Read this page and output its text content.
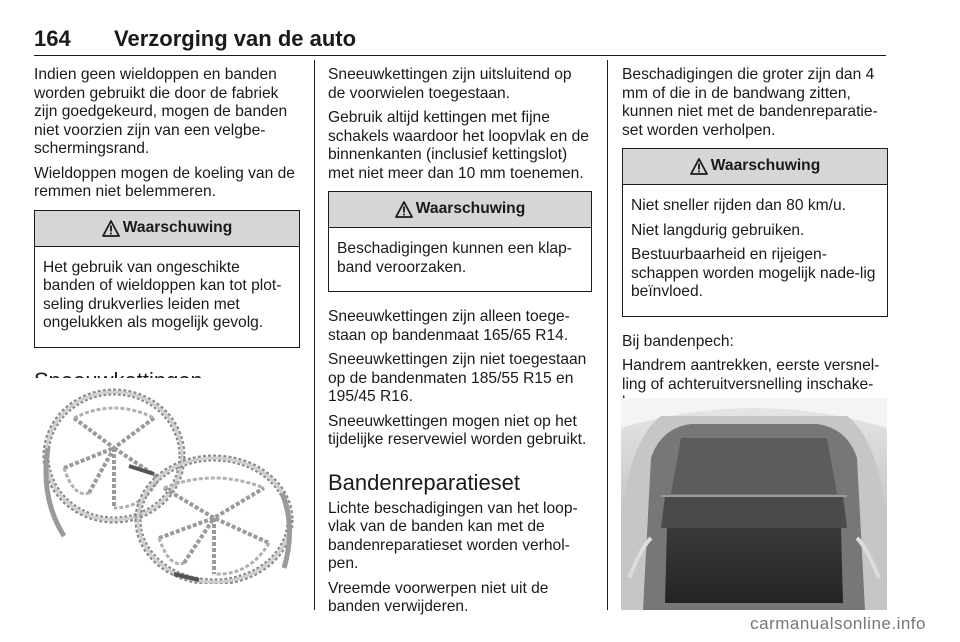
164 Verzorging van de auto

Indien geen wieldoppen en banden worden gebruikt die door de fabriek zijn goedgekeurd, mogen de banden niet voorzien zijn van een velgbe-schermingsrand.

Wieldoppen mogen de koeling van de remmen niet belemmeren.

Waarschuwing

Het gebruik van ongeschikte banden of wieldoppen kan tot plot-seling drukverlies leiden met ongelukken als mogelijk gevolg.

Sneeuwkettingen zijn uitsluitend op de voorwielen toegestaan.

Gebruik altijd kettingen met fijne schakels waardoor het loopvlak en de binnenkanten (inclusief kettingslot) met niet meer dan 10 mm toenemen.

Waarschuwing

Beschadigingen kunnen een klap-band veroorzaken.

Sneeuwkettingen zijn alleen toege-staan op bandenmaat 165/65 R14.

Sneeuwkettingen zijn niet toegestaan op de bandenmaten 185/55 R15 en 195/45 R16.

Sneeuwkettingen mogen niet op het tijdelijke reservewiel worden gebruikt.

Bandenreparatieset

Lichte beschadigingen van het loop-vlak van de banden kan met de bandenreparatieset worden verhol-pen.

Vreemde voorwerpen niet uit de banden verwijderen.

Beschadigingen die groter zijn dan 4 mm of die in de bandwang zitten, kunnen niet met de bandenreparatie-set worden verholpen.

Waarschuwing

Niet sneller rijden dan 80 km/u.

Niet langdurig gebruiken.

Bestuurbaarheid en rijeigen-schappen worden mogelijk nade-lig beïnvloed.

Bij bandenpech:

Handrem aantrekken, eerste versnel-ling of achteruitversnelling inschake-

carmanualsonline.info
